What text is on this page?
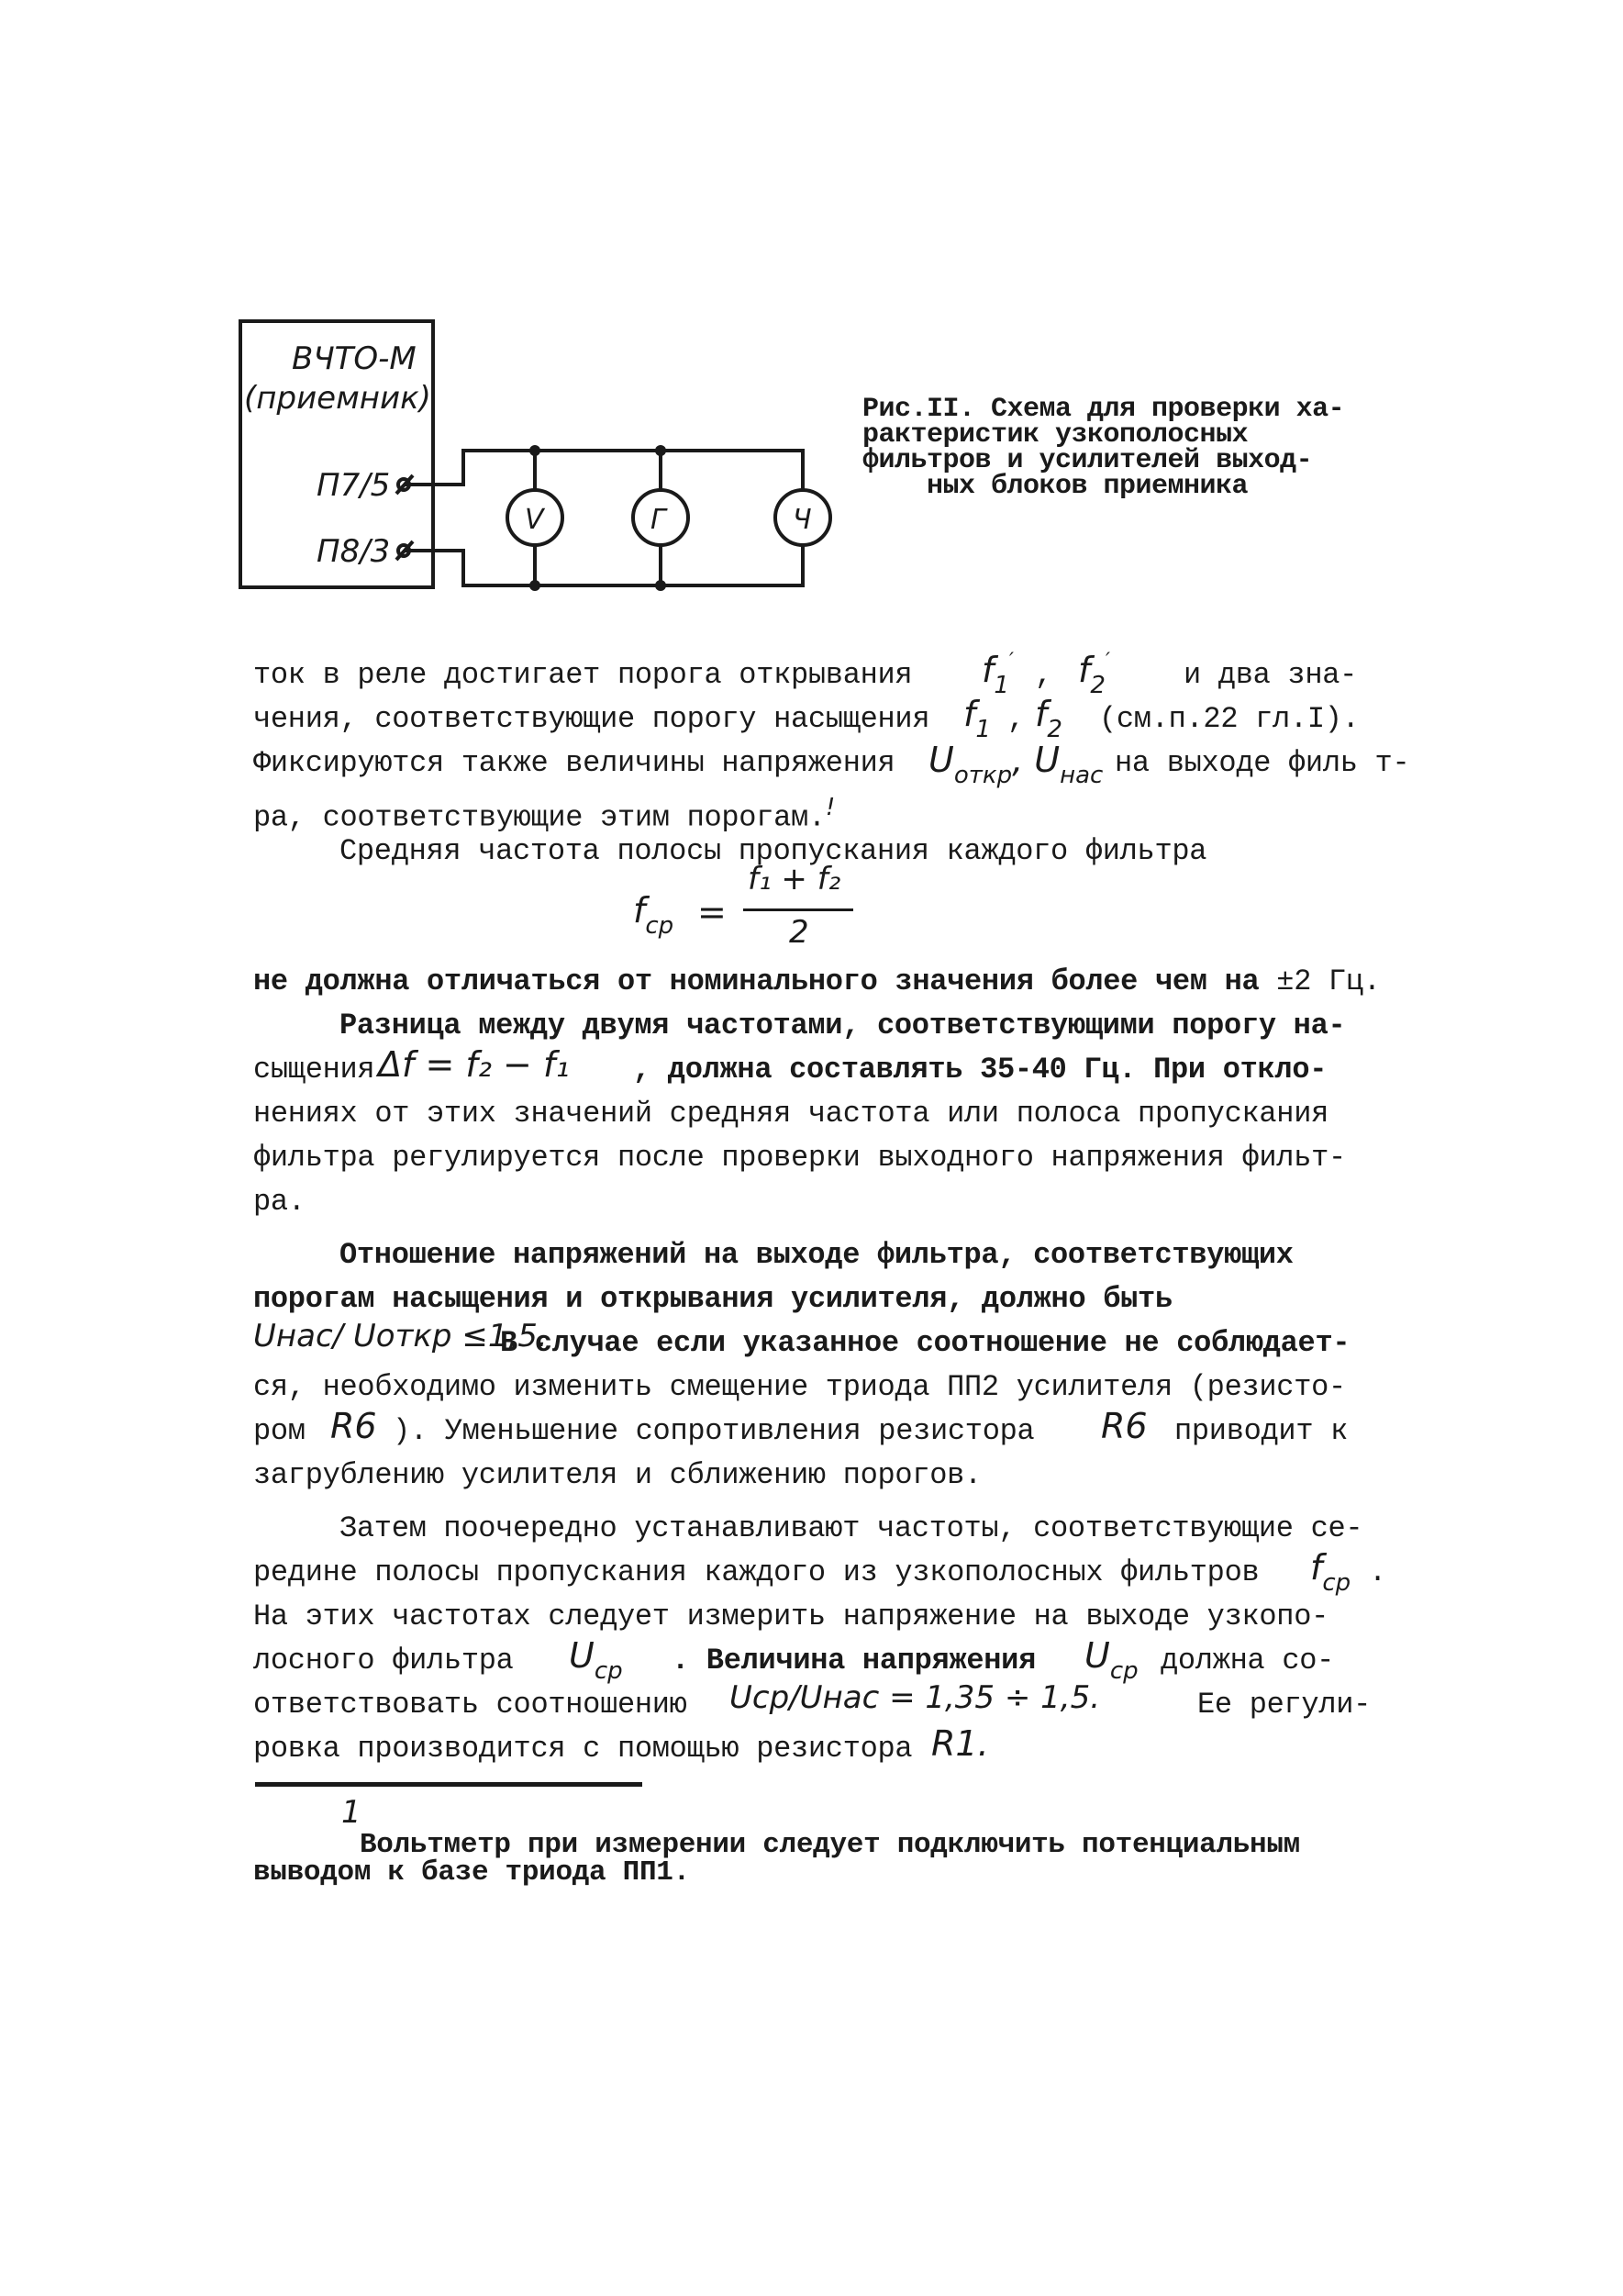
ВЧТО-М
(приемник)
П7/5
П8/3
V	Г	Ч
Рис.II. Схема для проверки ха-
рактеристик узкополосных
фильтров и усилителей выход-
ных блоков приемника
ток в реле достигает порога открывания	$f_1'$ , $f_2'$	и два зна-
чения, соответствующие порогу насыщения $f_1$ , $f_2$ (см.п.22 гл.I).
Фиксируются также величины напряжения $U_{откр}$, $U_{нас}$ на выходе филь т-
ра, соответствующие этим порогам.!
Средняя частота полосы пропускания каждого фильтра
$f_{ср}$ =
f₁ + f₂
2
не должна отличаться от номинального значения более чем на ±2 Гц.
Разница между двумя частотами, соответствующими порогу на-
сыщения Δf = f₂ − f₁ , должна составлять 35-40 Гц. При откло-
нениях от этих значений средняя частота или полоса пропускания
фильтра регулируется после проверки выходного напряжения фильт-
ра.
Отношение напряжений на выходе фильтра, соответствующих
порогам насыщения и открывания усилителя, должно быть
Uнас/ Uоткр ≤1,5.
В случае если указанное соотношение не соблюдает-
ся, необходимо изменить смещение триода ПП2 усилителя (резисто-
ром R6 ). Уменьшение сопротивления резистора	R6 приводит к
загрублению усилителя и сближению порогов.
Затем поочередно устанавливают частоты, соответствующие се-
редине полосы пропускания каждого из узкополосных фильтров	$f_{ср}$ .
На этих частотах следует измерить напряжение на выходе узкопо-
лосного фильтра	$U_{ср}$ . Величина напряжения	$U_{ср}$ должна со-
ответствовать соотношению	Uср/Uнас = 1,35 ÷ 1,5.	Ее регули-
ровка производится с помощью резистора R1.
1
Вольтметр при измерении следует подключить потенциальным
выводом к базе триода ПП1.
